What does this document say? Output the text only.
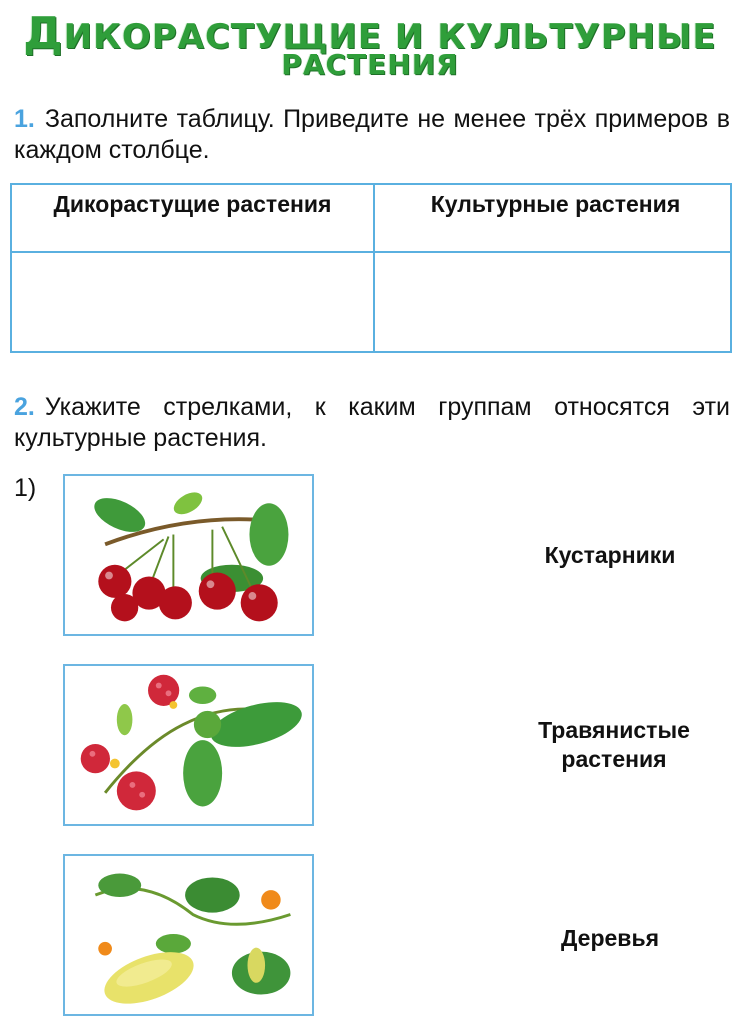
ДИКОРАСТУЩИЕ И КУЛЬТУРНЫЕ
РАСТЕНИЯ
1. Заполните таблицу. Приведите не менее трёх примеров в каждом столбце.
Дикорастущие растения	Культурные растения
2. Укажите стрелками, к каким группам относятся эти культурные растения.
1)
Кустарники
Травянистые растения
Деревья
